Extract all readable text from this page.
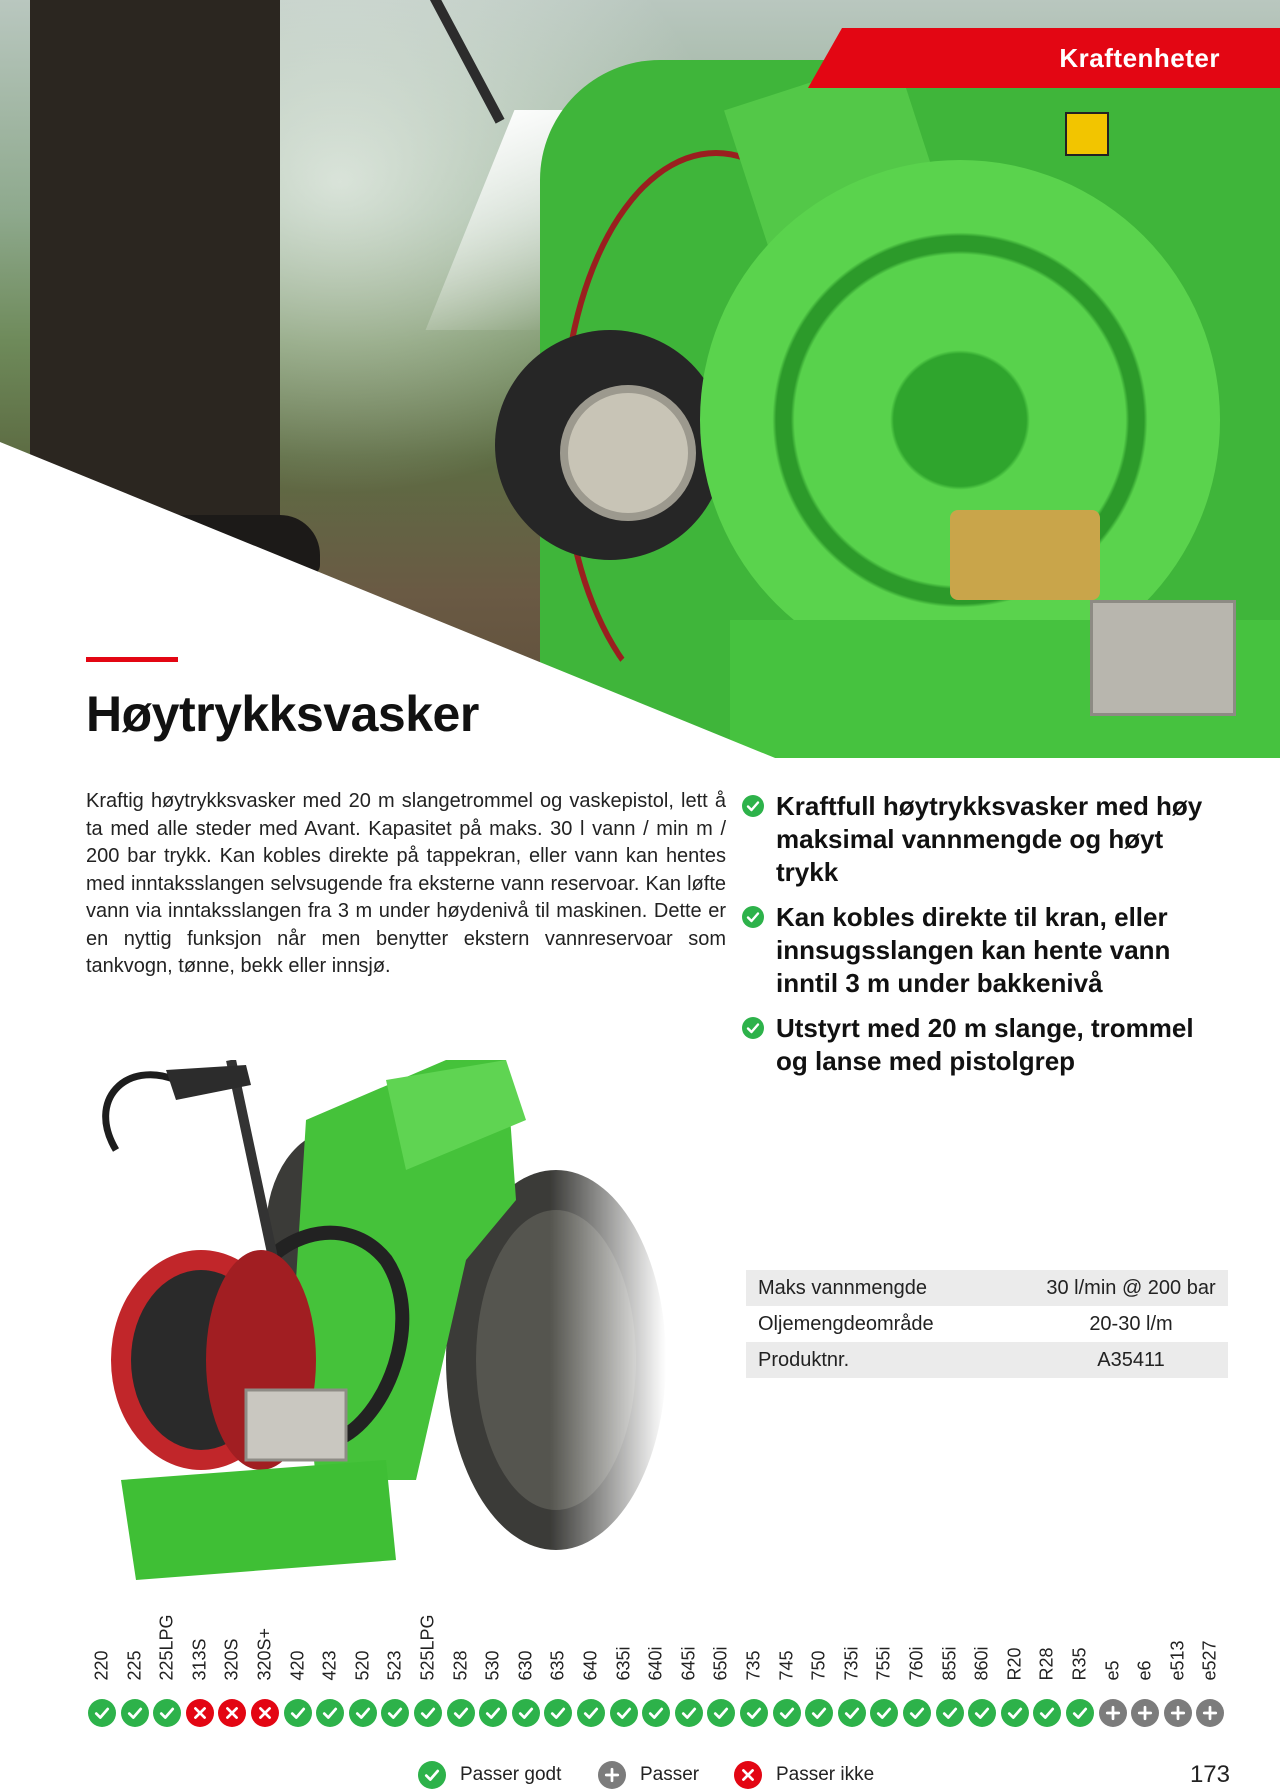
Kraftenheter
Høytrykksvasker
Kraftig høytrykksvasker med 20 m slangetrommel og vaskepistol, lett å ta med alle steder med Avant. Kapasitet på maks. 30 l vann / min m / 200 bar trykk. Kan kobles direkte på tappekran, eller vann kan hentes med inntaksslangen selvsugende fra eksterne vann reservoar. Kan løfte vann via inntaksslangen fra 3 m under høydenivå til maskinen. Dette er en nyttig funksjon når men benytter ekstern vannreservoar som tankvogn, tønne, bekk eller innsjø.
Kraftfull høytrykksvasker med høy maksimal vannmengde og høyt trykk
Kan kobles direkte til kran, eller innsugsslangen kan hente vann inntil 3 m under bakkenivå
Utstyrt med 20 m slange, trommel og lanse med pistolgrep
Maks vannmengde	30 l/min @ 200 bar
Oljemengdeområde	20-30 l/m
Produktnr.	A35411
220 225 225LPG 313S 320S 320S+ 420 423 520 523 525LPG 528 530 630 635 640 635i 640i 645i 650i 735 745 750 735i 755i 760i 855i 860i R20 R28 R35 e5 e6 e513 e527
Passer godt	Passer	Passer ikke	173
